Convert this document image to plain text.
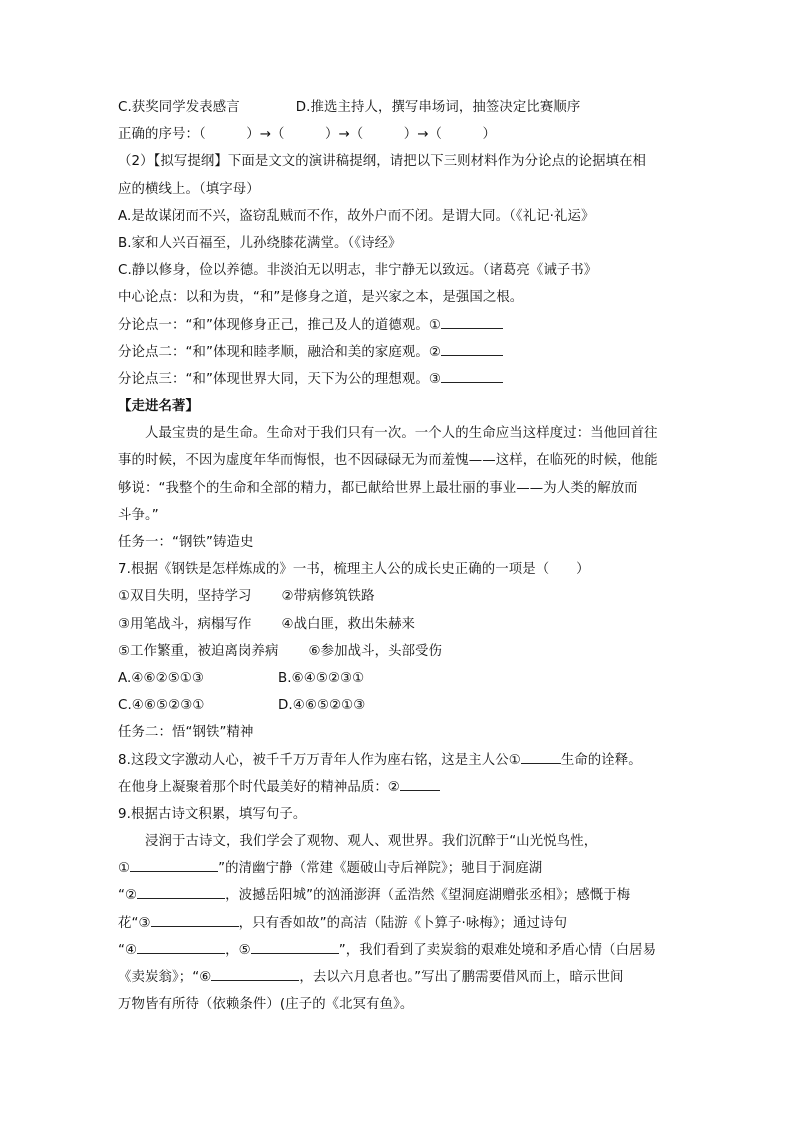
C.获奖同学发表感言	D.推选主持人，撰写串场词，抽签决定比赛顺序
正确的序号：（　　　）→（　　　）→（　　　）→（　　　）
（2）【拟写提纲】下面是文文的演讲稿提纲，请把以下三则材料作为分论点的论据填在相
应的横线上。（填字母）
A.是故谋闭而不兴，盗窃乱贼而不作，故外户而不闭。是谓大同。（《礼记·礼运》
B.家和人兴百福至，儿孙绕膝花满堂。（《诗经》
C.静以修身，俭以养德。非淡泊无以明志，非宁静无以致远。（诸葛亮《诫子书》
中心论点：以和为贵，“和”是修身之道，是兴家之本，是强国之根。
分论点一：“和”体现修身正己，推己及人的道德观。①
分论点二：“和”体现和睦孝顺，融洽和美的家庭观。②
分论点三：“和”体现世界大同，天下为公的理想观。③
【走进名著】
人最宝贵的是生命。生命对于我们只有一次。一个人的生命应当这样度过：当他回首往
事的时候，不因为虚度年华而悔恨，也不因碌碌无为而羞愧——这样，在临死的时候，他能
够说：“我整个的生命和全部的精力，都已献给世界上最壮丽的事业——为人类的解放而
斗争。”
任务一：“钢铁”铸造史
7.根据《钢铁是怎样炼成的》一书，梳理主人公的成长史正确的一项是（　　）
①双目失明，坚持学习 ②带病修筑铁路
③用笔战斗，病榻写作 ④战白匪，救出朱赫来
⑤工作繁重，被迫离岗养病 ⑥参加战斗，头部受伤
A.④⑥②⑤①③	B.⑥④⑤②③①
C.④⑥⑤②③①	D.④⑥⑤②①③
任务二：悟“钢铁”精神
8.这段文字激动人心，被千千万万青年人作为座右铭，这是主人公①	生命的诠释。
在他身上凝聚着那个时代最美好的精神品质：②
9.根据古诗文积累，填写句子。
浸润于古诗文，我们学会了观物、观人、观世界。我们沉醉于“山光悦鸟性，
①	”的清幽宁静（常建《题破山寺后禅院》；驰目于洞庭湖
“②	，波撼岳阳城”的汹涌澎湃（孟浩然《望洞庭湖赠张丞相》；感慨于梅
花“③	，只有香如故”的高洁（陆游《卜算子·咏梅》；通过诗句
“④	，⑤	”，我们看到了卖炭翁的艰难处境和矛盾心情（白居易
《卖炭翁》；“⑥	，去以六月息者也。”写出了鹏需要借风而上，暗示世间
万物皆有所待（依赖条件）(庄子的《北冥有鱼》。
